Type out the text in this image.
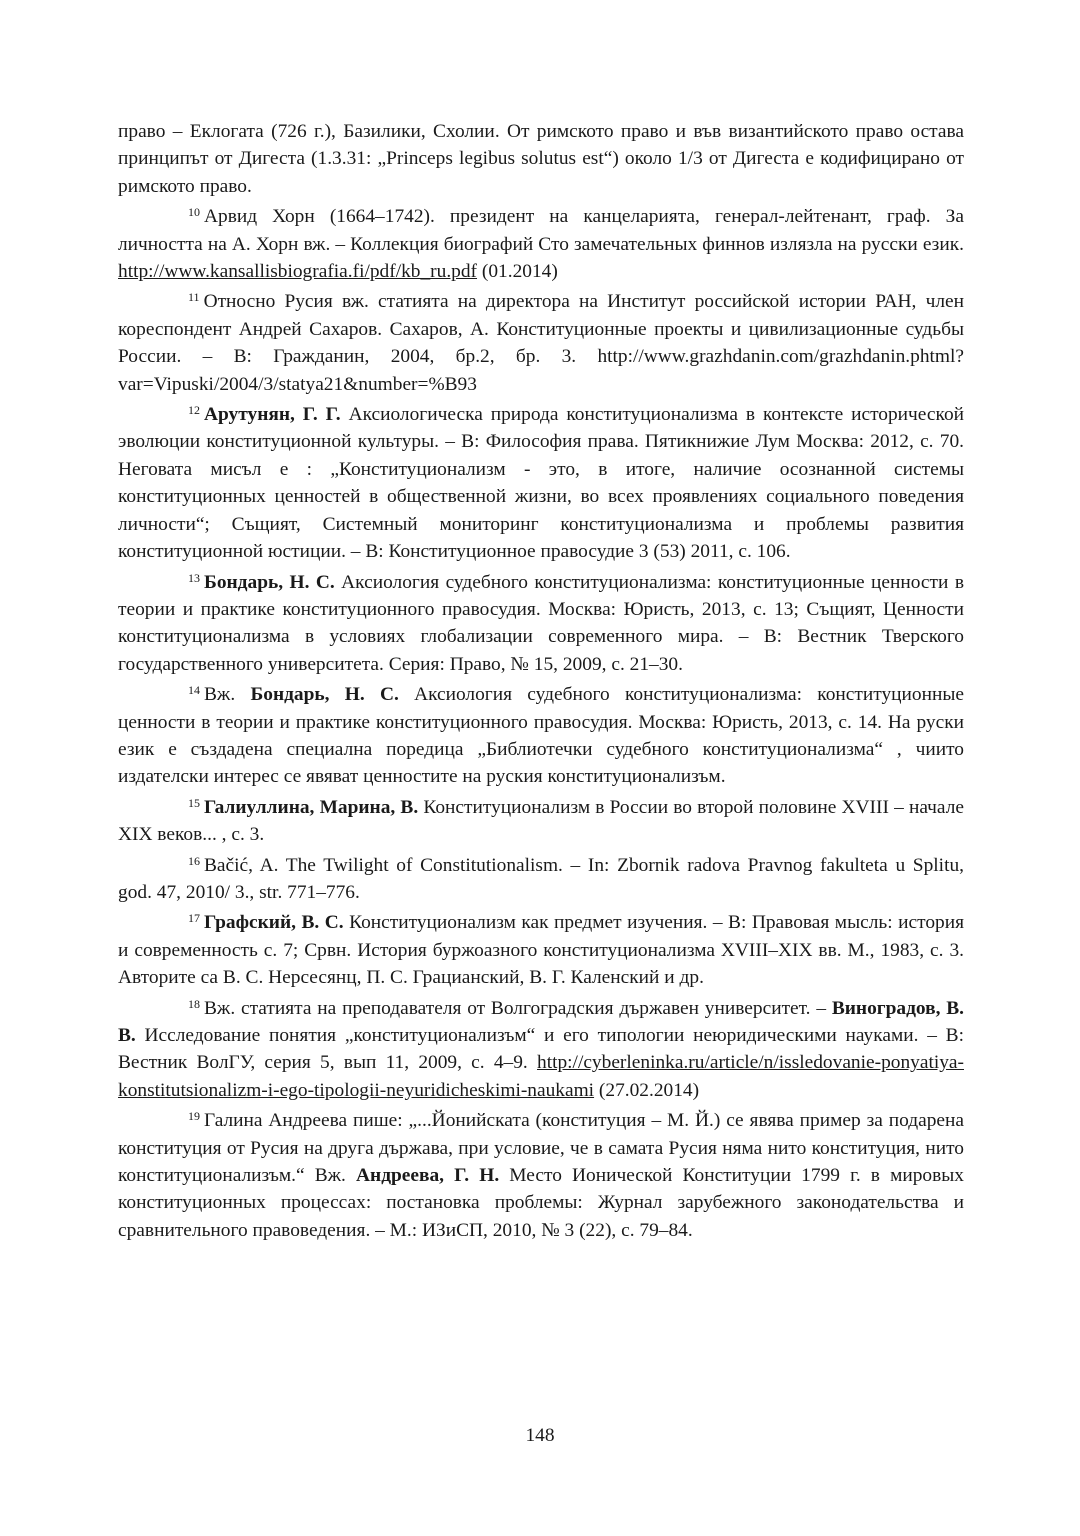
право – Еклогата (726 г.), Базилики, Схолии. От римското право и във византийското право остава принципът от Дигеста (1.3.31: „Princeps legibus solutus est“) около 1/3 от Дигеста е кодифицирано от римското право.

$^{10}$ Арвид Хорн (1664–1742). президент на канцеларията, генерал-лейтенант, граф. За личността на А. Хорн вж. – Коллекция биографий Сто замечательных финнов излязла на русски език. http://www.kansallisbiografia.fi/pdf/kb_ru.pdf (01.2014)

$^{11}$ Относно Русия вж. статията на директора на Институт российской истории РАН, член кореспондент Андрей Сахаров. Сахаров, А. Конституционные проекты и цивилизационные судьбы России. – В: Гражданин, 2004, бр.2, бр. 3. http://www.grazhdanin.com/grazhdanin.phtml?var=Vipuski/2004/3/statya21&number=%B93

$^{12}$ Арутунян, Г. Г. Аксиологическа природа конституционализма в контексте исторической эволюции конституционной культуры. – В: Философия права. Пятикнижие Лум Москва: 2012, с. 70. Неговата мисъл е : „Конституционализм - это, в итоге, наличие осознанной системы конституционных ценностей в общественной жизни, во всех проявлениях социального поведения личности“; Същият, Системный мониторинг конституционализма и проблемы развития конституционной юстиции. – В: Конституционное правосудие 3 (53) 2011, с. 106.

$^{13}$ Бондарь, Н. С. Аксиология судебного конституционализма: конституционные ценности в теории и практике конституционного правосудия. Москва: Юристь, 2013, с. 13; Същият, Ценности конституционализма в условиях глобализации современного мира. – В: Вестник Тверского государственного университета. Серия: Право, № 15, 2009, с. 21–30.

$^{14}$ Вж. Бондарь, Н. С. Аксиология судебного конституционализма: конституционные ценности в теории и практике конституционного правосудия. Москва: Юристь, 2013, с. 14. На руски език е създадена специална поредица „Библиотечки судебного конституционализма“ , чиито издателски интерес се явяват ценностите на руския конституционализъм.

$^{15}$ Галиуллина, Марина, В. Конституционализм в России во второй половине XVIII – начале XIX веков... , с. 3.

$^{16}$ Bačić, A. The Twilight of Constitutionalism. – In: Zbornik radova Pravnog fakulteta u Splitu, god. 47, 2010/ 3., str. 771–776.

$^{17}$ Графский, В. С. Конституционализм как предмет изучения. – В: Правовая мысль: история и современность с. 7; Срвн. История буржоазного конституционализма XVIII–XIX вв. М., 1983, с. 3. Авторите са В. С. Нерсесянц, П. С. Грацианский, В. Г. Каленский и др.

$^{18}$ Вж. статията на преподавателя от Волгоградския държавен университет. – Виноградов, В. В. Исследование понятия „конституционализъм“ и его типологии неюридическими науками. – В: Вестник ВолГУ, серия 5, вып 11, 2009, с. 4–9. http://cyberleninka.ru/article/n/issledovanie-ponyatiya-konstitutsionalizm-i-ego-tipologii-neyuridicheskimi-naukami (27.02.2014)

$^{19}$ Галина Андреева пише: „...Йонийската (конституция – М. Й.) се явява пример за подарена конституция от Русия на друга държава, при условие, че в самата Русия няма нито конституция, нито конституционализъм.“ Вж. Андреева, Г. Н. Место Ионической Конституции 1799 г. в мировых конституционных процессах: постановка проблемы: Журнал зарубежного законодательства и сравнительного правоведения. – М.: ИЗиСП, 2010, № 3 (22), с. 79–84.

148
